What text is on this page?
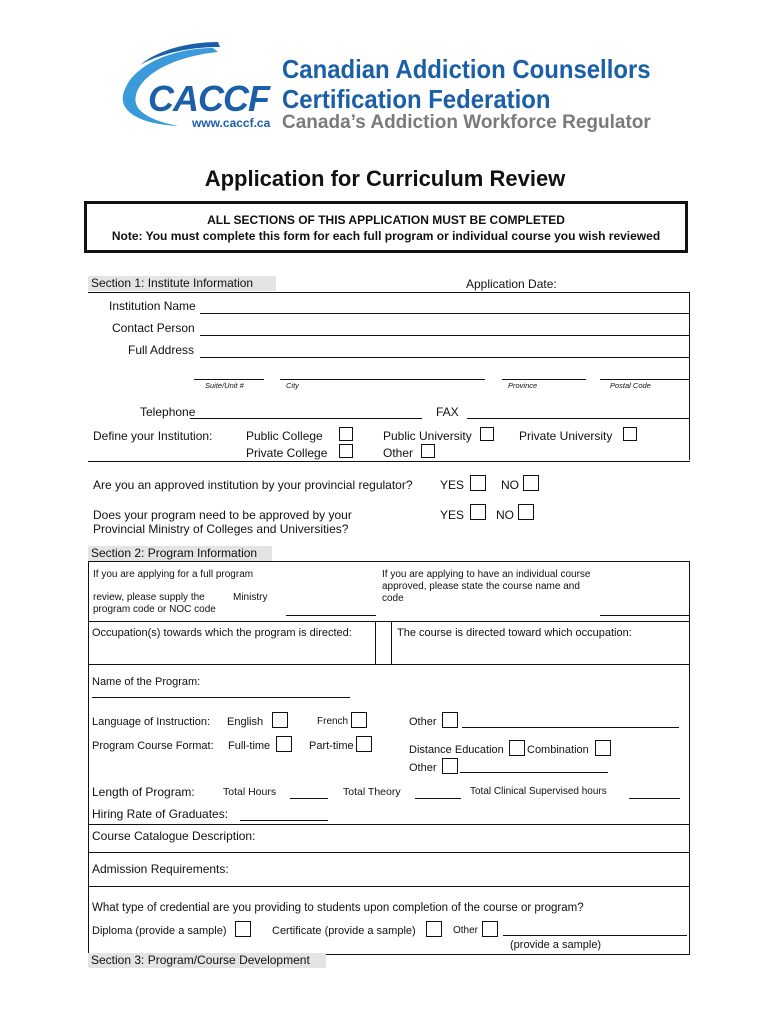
CACCF
www.caccf.ca
Canadian Addiction Counsellors
Certification Federation
Canada’s Addiction Workforce Regulator
Application for Curriculum Review
ALL SECTIONS OF THIS APPLICATION MUST BE COMPLETED
Note: You must complete this form for each full program or individual course you wish reviewed
Section 1: Institute Information	Application Date:
Institution Name
Contact Person
Full Address
Suite/Unit #	City	Province	Postal Code
Telephone	FAX
Define your Institution:	Public College
Private College
Public University
Other
Private University
Are you an approved institution by your provincial regulator? YES	NO
Does your program need to be approved by your
Provincial Ministry of Colleges and Universities?
YES	NO
Section 2: Program Information
If you are applying for a full program
review, please supply the	Ministry
program code or NOC code
If you are applying to have an individual course
approved, please state the course name and
code
Occupation(s) towards which the program is directed:	The course is directed toward which occupation:
Name of the Program:
Language of Instruction: English	French	Other
Program Course Format: Full-time	Part-time	Distance Education Combination
Other
Length of Program:	Total Hours	Total Theory	Total Clinical Supervised hours
Hiring Rate of Graduates:
Course Catalogue Description:
Admission Requirements:
What type of credential are you providing to students upon completion of the course or program?
Diploma (provide a sample)	Certificate (provide a sample)	Other
(provide a sample)
Section 3: Program/Course Development
